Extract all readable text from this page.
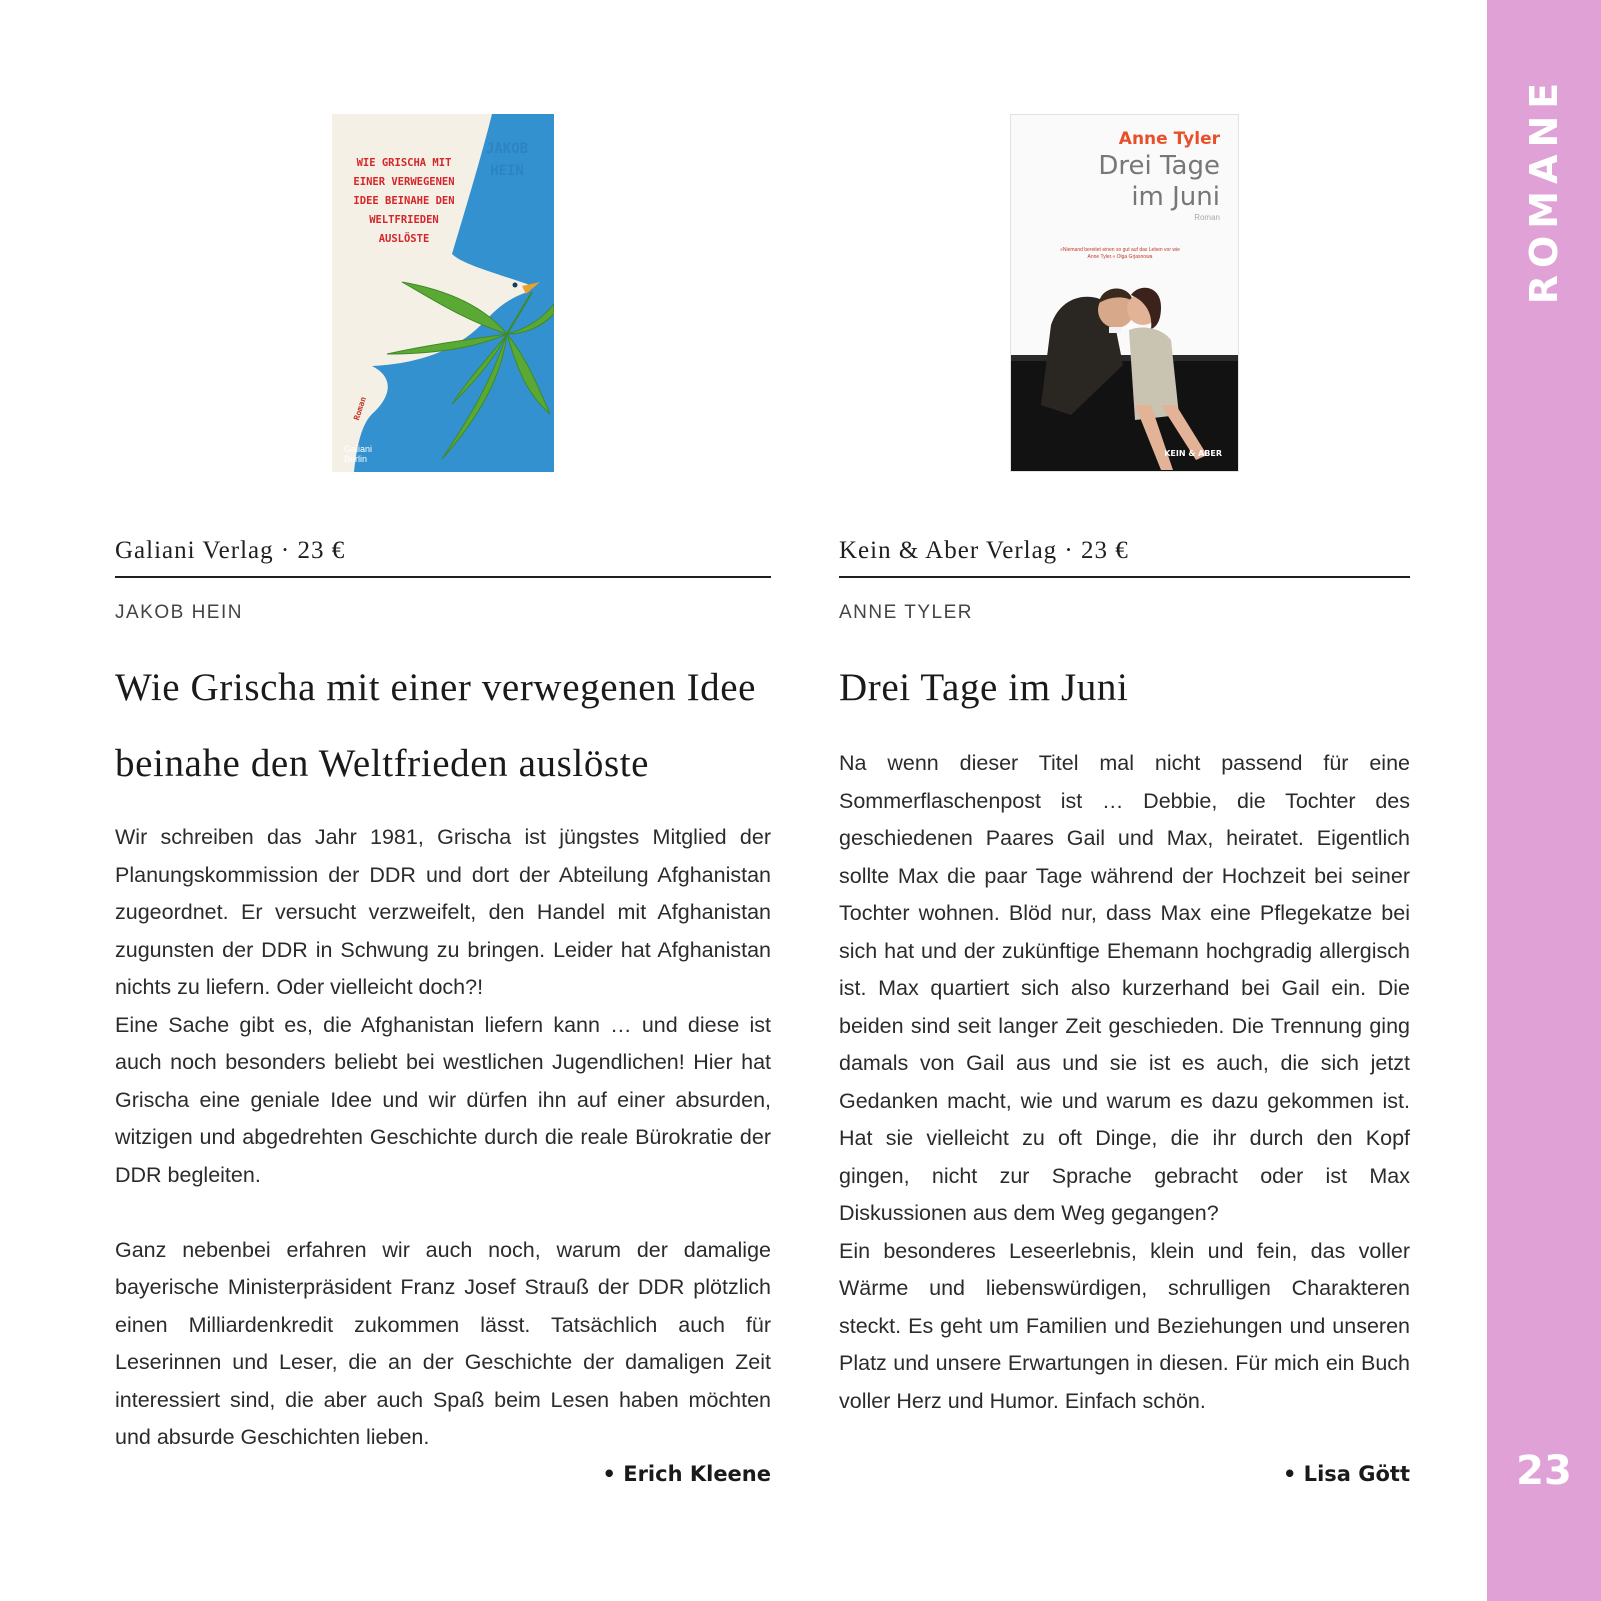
ROMANE
23
WIE GRISCHA MIT EINER VERWEGENEN IDEE BEINAHE DEN WELTFRIEDEN AUSLÖSTE
JAKOB
HEIN
Roman
Galiani
Berlin
Anne Tyler
Drei Tage
im Juni
Roman
»Niemand bereitet einen so gut auf das Leben vor wie Anne Tyler.« Olga Grjasnowa
KEIN & ABER
Galiani Verlag · 23 €
JAKOB HEIN
Wie Grischa mit einer verwegenen Idee beinahe den Weltfrieden auslöste

Wir schreiben das Jahr 1981, Grischa ist jüngstes Mitglied der Planungskommission der DDR und dort der Abteilung Afghanistan zugeordnet. Er versucht verzweifelt, den Handel mit Afghanistan zugunsten der DDR in Schwung zu bringen. Leider hat Afghanistan nichts zu liefern. Oder vielleicht doch?!

Eine Sache gibt es, die Afghanistan liefern kann … und diese ist auch noch besonders beliebt bei westlichen Jugendlichen! Hier hat Grischa eine geniale Idee und wir dürfen ihn auf einer absurden, witzigen und abgedrehten Geschichte durch die reale Bürokratie der DDR begleiten.

Ganz nebenbei erfahren wir auch noch, warum der damalige bayerische Ministerpräsident Franz Josef Strauß der DDR plötzlich einen Milliardenkredit zukommen lässt. Tatsächlich auch für Leserinnen und Leser, die an der Geschichte der damaligen Zeit interessiert sind, die aber auch Spaß beim Lesen haben möchten und absurde Geschichten lieben.

• Erich Kleene
Kein & Aber Verlag · 23 €
ANNE TYLER
Drei Tage im Juni

Na wenn dieser Titel mal nicht passend für eine Sommerflaschenpost ist … Debbie, die Tochter des geschiedenen Paares Gail und Max, heiratet. Eigentlich sollte Max die paar Tage während der Hochzeit bei seiner Tochter wohnen. Blöd nur, dass Max eine Pflegekatze bei sich hat und der zukünftige Ehemann hochgradig allergisch ist. Max quartiert sich also kurzerhand bei Gail ein. Die beiden sind seit langer Zeit geschieden. Die Trennung ging damals von Gail aus und sie ist es auch, die sich jetzt Gedanken macht, wie und warum es dazu gekommen ist. Hat sie vielleicht zu oft Dinge, die ihr durch den Kopf gingen, nicht zur Sprache gebracht oder ist Max Diskussionen aus dem Weg gegangen?

Ein besonderes Leseerlebnis, klein und fein, das voller Wärme und liebenswürdigen, schrulligen Charakteren steckt. Es geht um Familien und Beziehungen und unseren Platz und unsere Erwartungen in diesen. Für mich ein Buch voller Herz und Humor. Einfach schön.

• Lisa Gött
